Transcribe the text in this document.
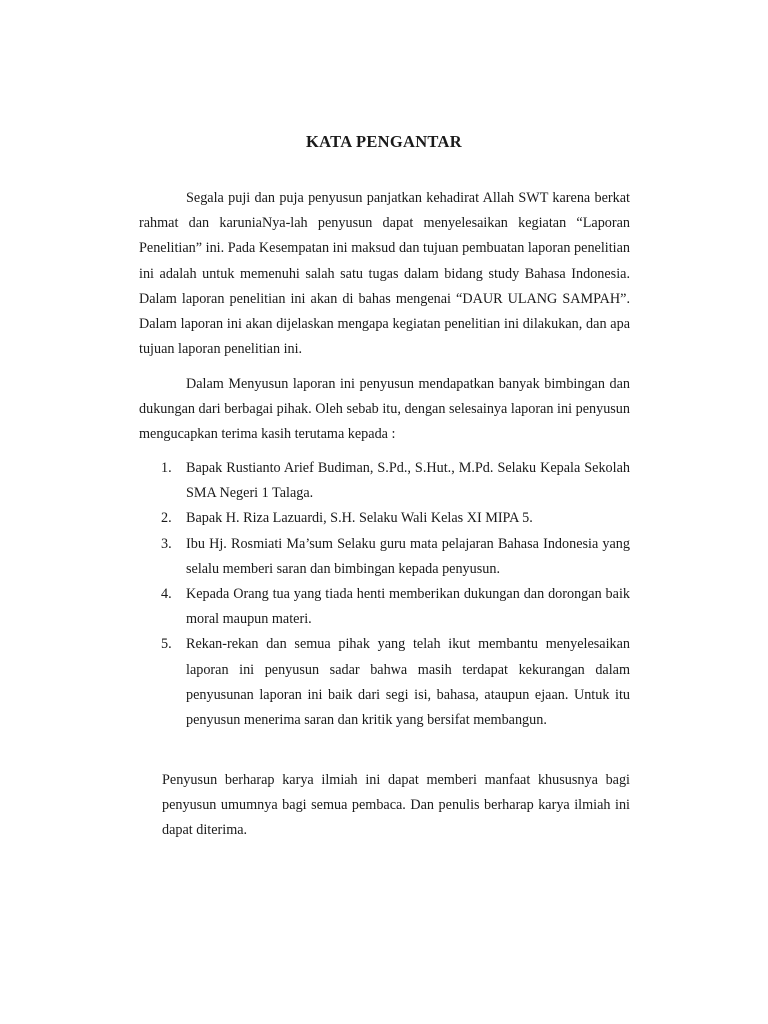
KATA PENGANTAR
Segala puji dan puja penyusun panjatkan kehadirat Allah SWT karena berkat rahmat dan karuniaNya-lah penyusun dapat menyelesaikan kegiatan “Laporan Penelitian” ini. Pada Kesempatan ini maksud dan tujuan pembuatan laporan penelitian ini adalah untuk memenuhi salah satu tugas dalam bidang study Bahasa Indonesia. Dalam laporan penelitian ini akan di bahas mengenai “DAUR ULANG SAMPAH”. Dalam laporan ini akan dijelaskan mengapa kegiatan penelitian ini dilakukan, dan apa tujuan laporan penelitian ini.
Dalam Menyusun laporan ini penyusun mendapatkan banyak bimbingan dan dukungan dari berbagai pihak. Oleh sebab itu, dengan selesainya laporan ini penyusun mengucapkan terima kasih terutama kepada :
1. Bapak Rustianto Arief Budiman, S.Pd., S.Hut., M.Pd. Selaku Kepala Sekolah SMA Negeri 1 Talaga.
2. Bapak H. Riza Lazuardi, S.H. Selaku Wali Kelas XI MIPA 5.
3. Ibu Hj. Rosmiati Ma’sum Selaku guru mata pelajaran Bahasa Indonesia yang selalu memberi saran dan bimbingan kepada penyusun.
4. Kepada Orang tua yang tiada henti memberikan dukungan dan dorongan baik moral maupun materi.
5. Rekan-rekan dan semua pihak yang telah ikut membantu menyelesaikan laporan ini penyusun sadar bahwa masih terdapat kekurangan dalam penyusunan laporan ini baik dari segi isi, bahasa, ataupun ejaan. Untuk itu penyusun menerima saran dan kritik yang bersifat membangun.
Penyusun berharap karya ilmiah ini dapat memberi manfaat khususnya bagi penyusun umumnya bagi semua pembaca. Dan penulis berharap karya ilmiah ini dapat diterima.
